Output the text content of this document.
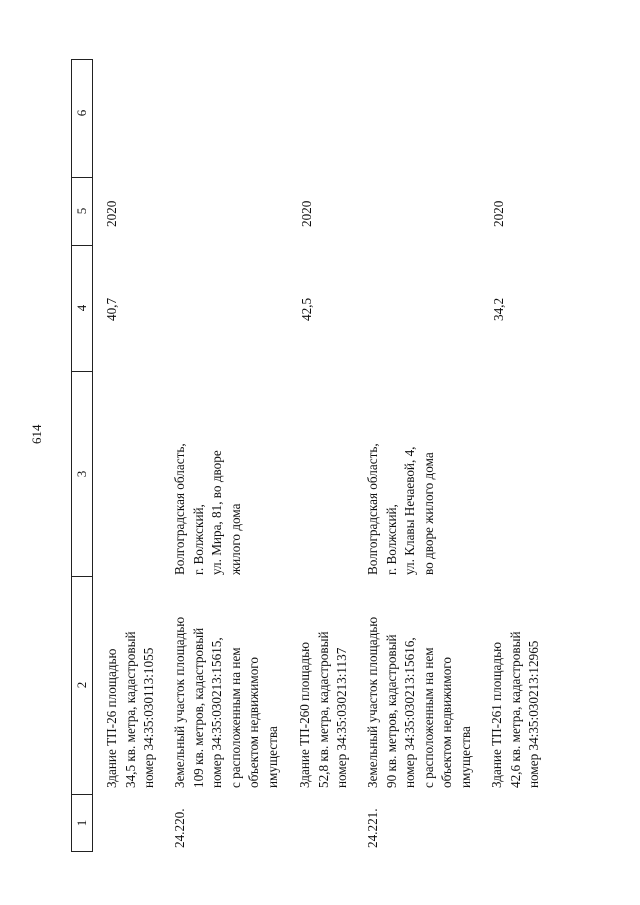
614
1
2
3
4
5
6
Здание ТП-26 площадью 34,5 кв. метра, кадастровый номер 34:35:030113:1055
40,7
2020
24.220.
Земельный участок площадью 109 кв. метров, кадастровый номер 34:35:030213:15615, с расположенным на нем объектом недвижимого имущества
Волгоградская область, г. Волжский, ул. Мира, 81, во дворе жилого дома
Здание ТП-260 площадью 52,8 кв. метра, кадастровый номер 34:35:030213:1137
42,5
2020
24.221.
Земельный участок площадью 90 кв. метров, кадастровый номер 34:35:030213:15616, с расположенным на нем объектом недвижимого имущества
Волгоградская область, г. Волжский, ул. Клавы Нечаевой, 4, во дворе жилого дома
Здание ТП-261 площадью 42,6 кв. метра, кадастровый номер 34:35:030213:12965
34,2
2020
